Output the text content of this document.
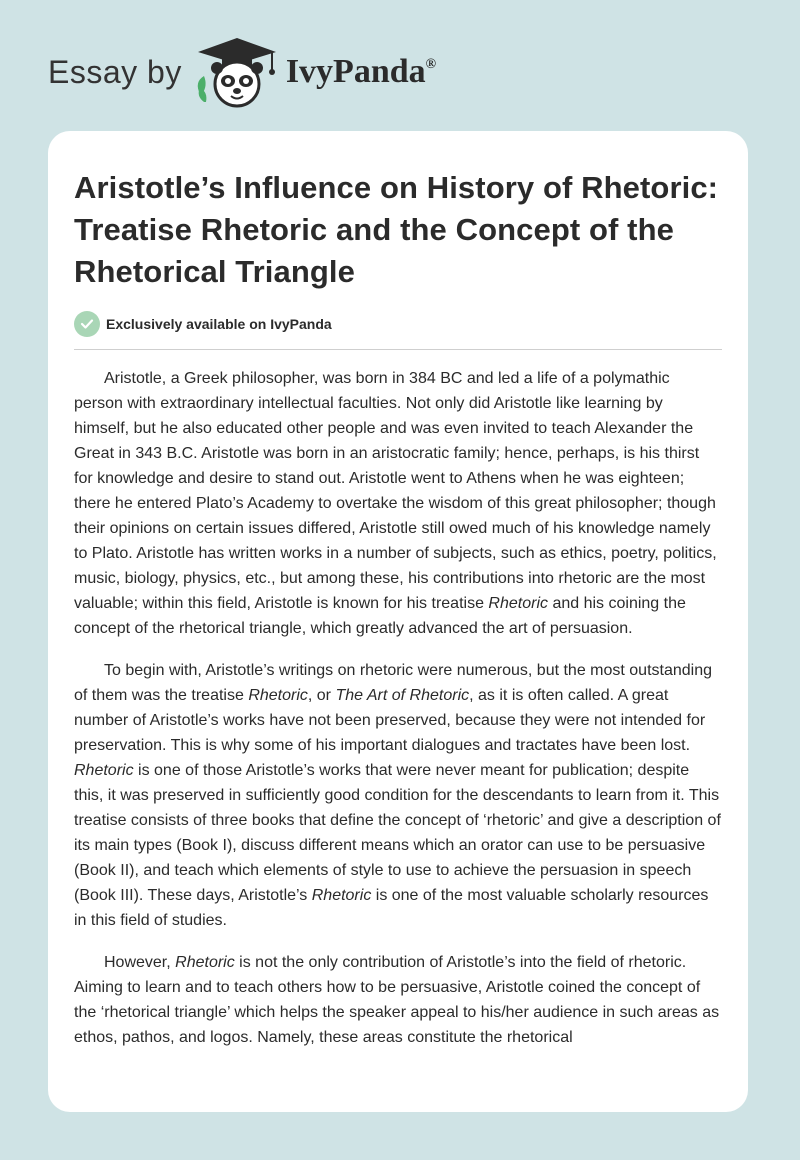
Essay by	IvyPanda®
Aristotle’s Influence on History of Rhetoric: Treatise Rhetoric and the Concept of the Rhetorical Triangle
Exclusively available on IvyPanda

Aristotle, a Greek philosopher, was born in 384 BC and led a life of a polymathic person with extraordinary intellectual faculties. Not only did Aristotle like learning by himself, but he also educated other people and was even invited to teach Alexander the Great in 343 B.C. Aristotle was born in an aristocratic family; hence, perhaps, is his thirst for knowledge and desire to stand out. Aristotle went to Athens when he was eighteen; there he entered Plato’s Academy to overtake the wisdom of this great philosopher; though their opinions on certain issues differed, Aristotle still owed much of his knowledge namely to Plato. Aristotle has written works in a number of subjects, such as ethics, poetry, politics, music, biology, physics, etc., but among these, his contributions into rhetoric are the most valuable; within this field, Aristotle is known for his treatise Rhetoric and his coining the concept of the rhetorical triangle, which greatly advanced the art of persuasion.

To begin with, Aristotle’s writings on rhetoric were numerous, but the most outstanding of them was the treatise Rhetoric, or The Art of Rhetoric, as it is often called. A great number of Aristotle’s works have not been preserved, because they were not intended for preservation. This is why some of his important dialogues and tractates have been lost. Rhetoric is one of those Aristotle’s works that were never meant for publication; despite this, it was preserved in sufficiently good condition for the descendants to learn from it. This treatise consists of three books that define the concept of ‘rhetoric’ and give a description of its main types (Book I), discuss different means which an orator can use to be persuasive (Book II), and teach which elements of style to use to achieve the persuasion in speech (Book III). These days, Aristotle’s Rhetoric is one of the most valuable scholarly resources in this field of studies.

However, Rhetoric is not the only contribution of Aristotle’s into the field of rhetoric. Aiming to learn and to teach others how to be persuasive, Aristotle coined the concept of the ‘rhetorical triangle’ which helps the speaker appeal to his/her audience in such areas as ethos, pathos, and logos. Namely, these areas constitute the rhetorical
